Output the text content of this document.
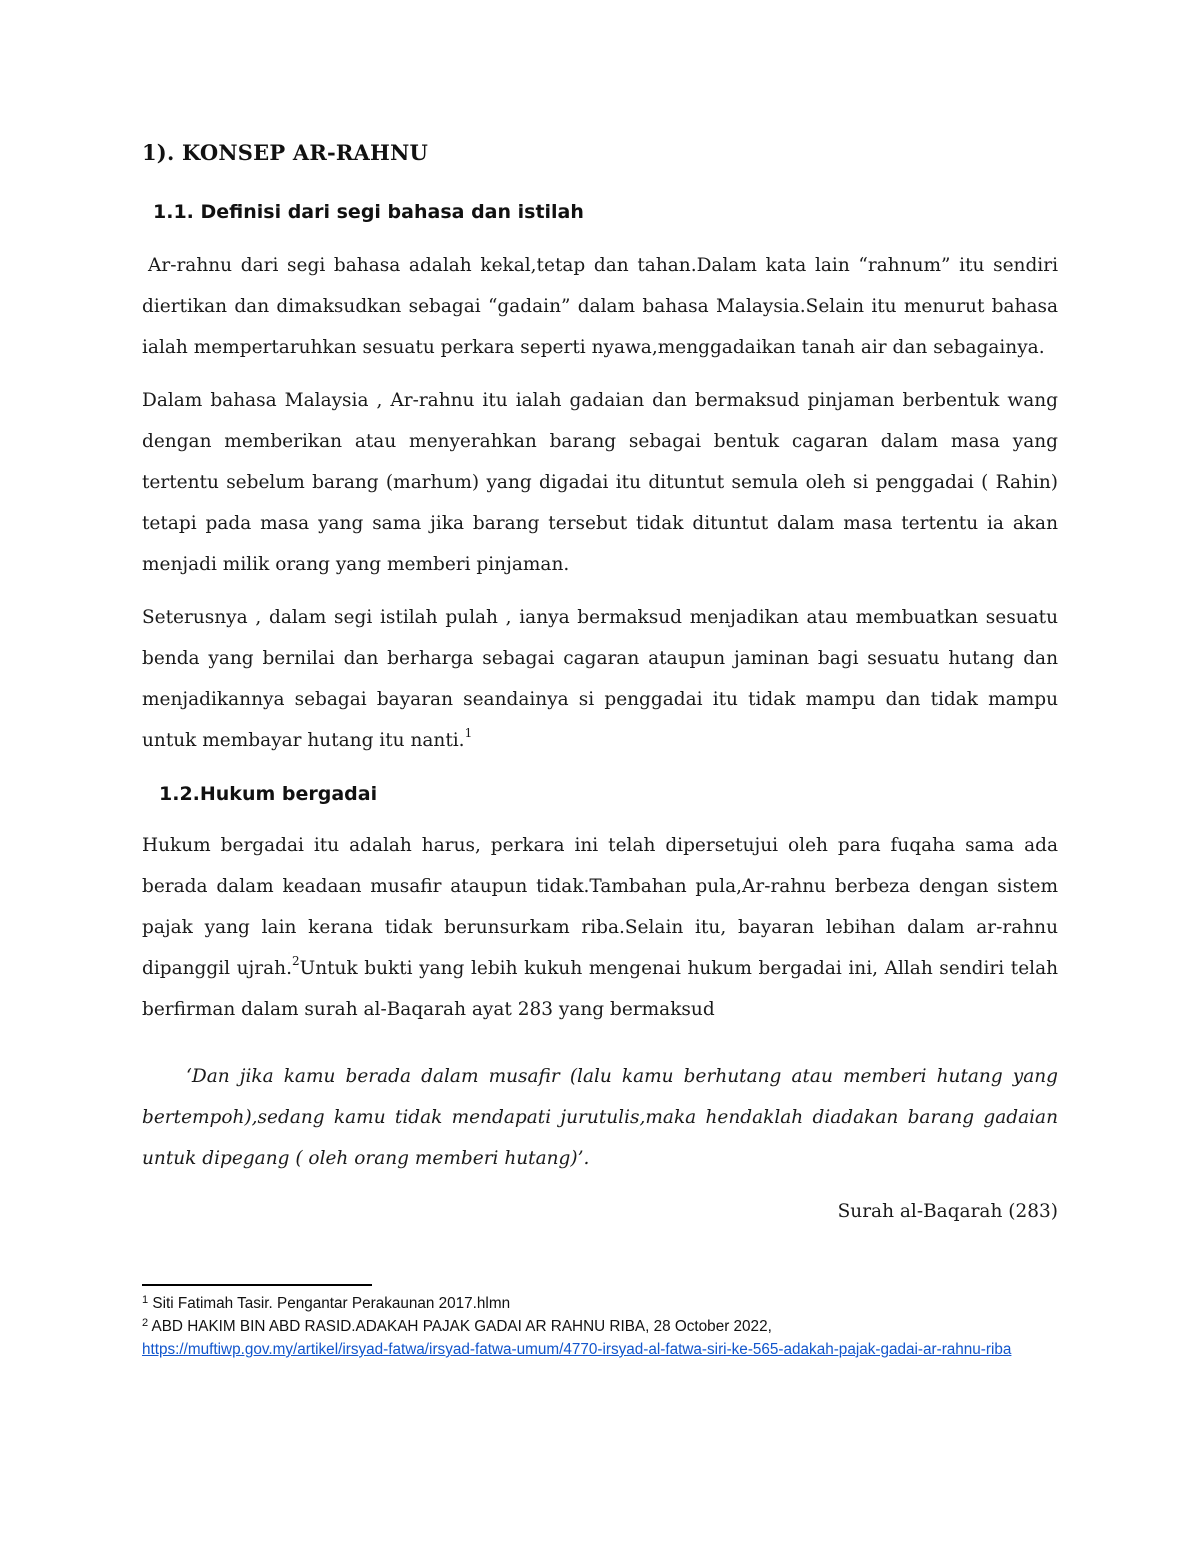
1). KONSEP AR-RAHNU
1.1. Definisi dari segi bahasa dan istilah

Ar-rahnu dari segi bahasa adalah kekal,tetap dan tahan.Dalam kata lain “rahnum” itu sendiri diertikan dan dimaksudkan sebagai “gadain” dalam bahasa Malaysia.Selain itu menurut bahasa ialah mempertaruhkan sesuatu perkara seperti nyawa,menggadaikan tanah air dan sebagainya.

Dalam bahasa Malaysia , Ar-rahnu itu ialah gadaian dan bermaksud pinjaman berbentuk wang dengan memberikan atau menyerahkan barang sebagai bentuk cagaran dalam masa yang tertentu sebelum barang (marhum) yang digadai itu dituntut semula oleh si penggadai ( Rahin) tetapi pada masa yang sama jika barang tersebut tidak dituntut dalam masa tertentu ia akan menjadi milik orang yang memberi pinjaman.

Seterusnya , dalam segi istilah pulah , ianya bermaksud menjadikan atau membuatkan sesuatu benda yang bernilai dan berharga sebagai cagaran ataupun jaminan bagi sesuatu hutang dan menjadikannya sebagai bayaran seandainya si penggadai itu tidak mampu dan tidak mampu untuk membayar hutang itu nanti.$^1$

1.2.Hukum bergadai

Hukum bergadai itu adalah harus, perkara ini telah dipersetujui oleh para fuqaha sama ada berada dalam keadaan musafir ataupun tidak.Tambahan pula,Ar-rahnu berbeza dengan sistem pajak yang lain kerana tidak berunsurkam riba.Selain itu, bayaran lebihan dalam ar-rahnu dipanggil ujrah.$^2$Untuk bukti yang lebih kukuh mengenai hukum bergadai ini, Allah sendiri telah berfirman dalam surah al-Baqarah ayat 283 yang bermaksud

‘Dan jika kamu berada dalam musafir (lalu kamu berhutang atau memberi hutang yang bertempoh),sedang kamu tidak mendapati jurutulis,maka hendaklah diadakan barang gadaian untuk dipegang ( oleh orang memberi hutang)’.

Surah al-Baqarah (283)

$^1$ Siti Fatimah Tasir. Pengantar Perakaunan 2017.hlmn
$^2$ ABD HAKIM BIN ABD RASID.ADAKAH PAJAK GADAI AR RAHNU RIBA, 28 October 2022,
https://muftiwp.gov.my/artikel/irsyad-fatwa/irsyad-fatwa-umum/4770-irsyad-al-fatwa-siri-ke-565-adakah-pajak-gadai-ar-rahnu-riba
